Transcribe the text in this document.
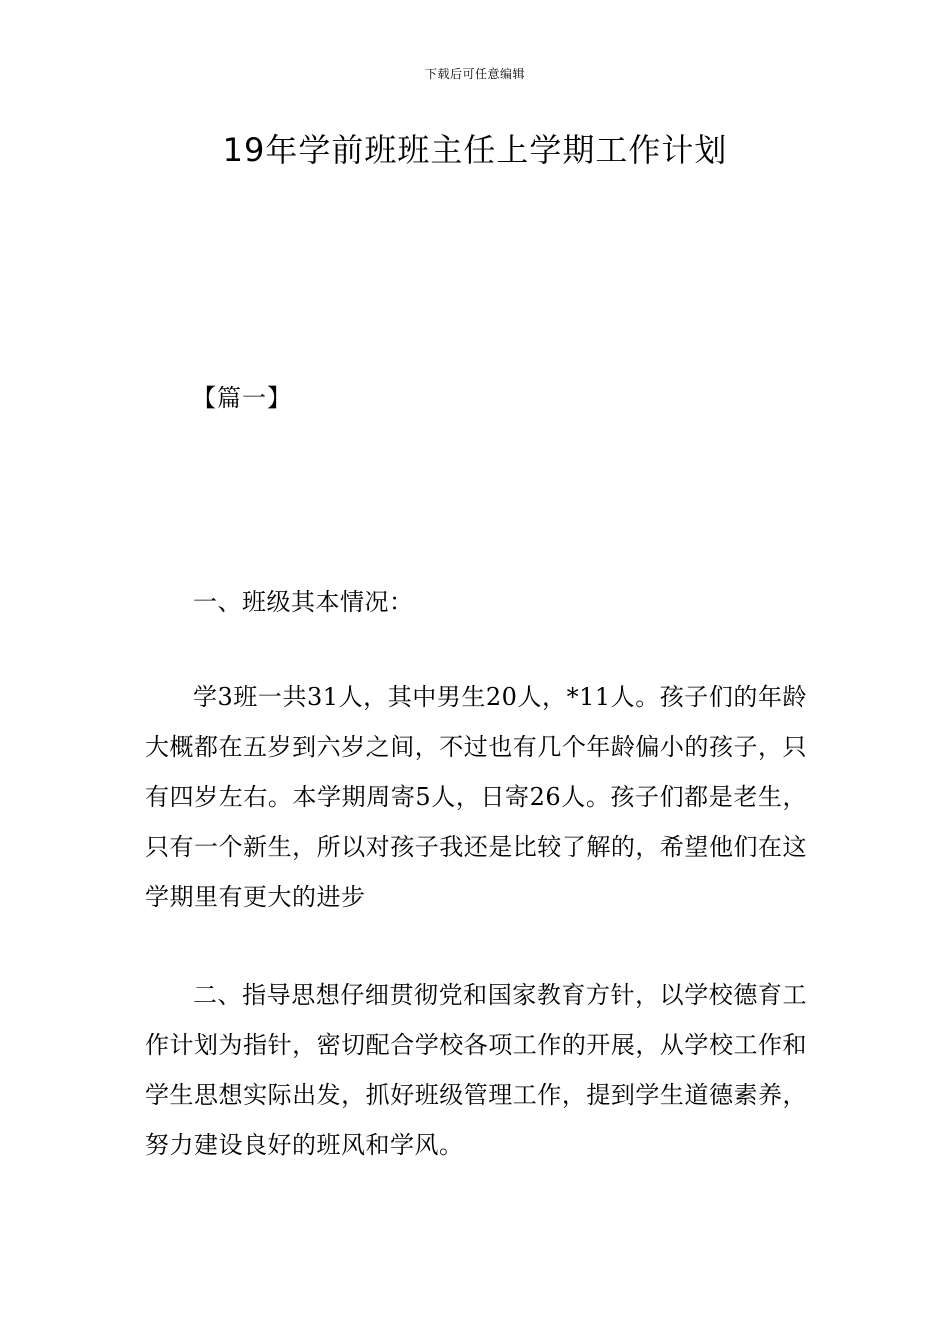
下载后可任意编辑
19年学前班班主任上学期工作计划
【篇一】

一、班级其本情况：

学3班一共31人，其中男生20人，*11人。孩子们的年龄大概都在五岁到六岁之间，不过也有几个年龄偏小的孩子，只有四岁左右。本学期周寄5人，日寄26人。孩子们都是老生，只有一个新生，所以对孩子我还是比较了解的，希望他们在这学期里有更大的进步

二、指导思想仔细贯彻党和国家教育方针，以学校德育工作计划为指针，密切配合学校各项工作的开展，从学校工作和学生思想实际出发，抓好班级管理工作，提到学生道德素养，努力建设良好的班风和学风。
